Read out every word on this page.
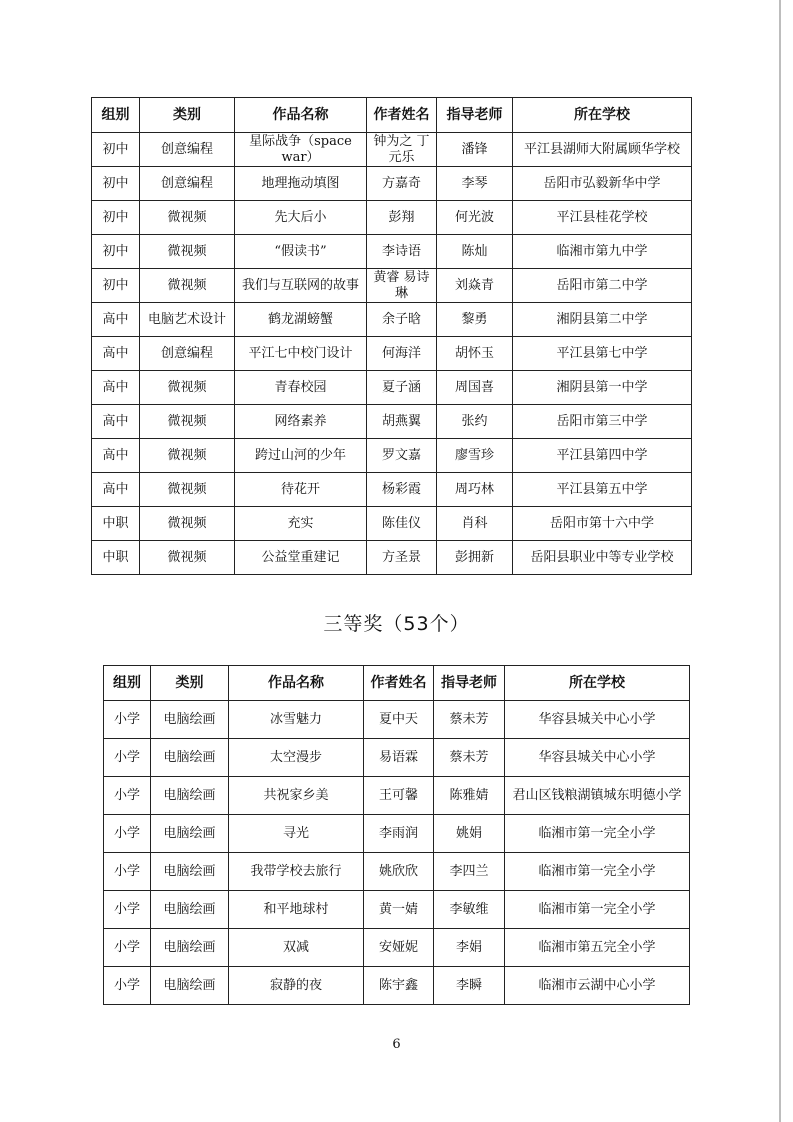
组别	类别	作品名称	作者姓名	指导老师	所在学校
初中	创意编程	星际战争（space war）	钟为之 丁元乐	潘锋	平江县湖师大附属顾华学校
初中	创意编程	地理拖动填图	方嘉奇	李琴	岳阳市弘毅新华中学
初中	微视频	先大后小	彭翔	何光波	平江县桂花学校
初中	微视频	“假读书”	李诗语	陈灿	临湘市第九中学
初中	微视频	我们与互联网的故事	黄睿 易诗琳	刘焱青	岳阳市第二中学
高中	电脑艺术设计	鹤龙湖螃蟹	余子晗	黎勇	湘阴县第二中学
高中	创意编程	平江七中校门设计	何海洋	胡怀玉	平江县第七中学
高中	微视频	青春校园	夏子涵	周国喜	湘阴县第一中学
高中	微视频	网络素养	胡燕翼	张约	岳阳市第三中学
高中	微视频	跨过山河的少年	罗文嘉	廖雪珍	平江县第四中学
高中	微视频	待花开	杨彩霞	周巧林	平江县第五中学
中职	微视频	充实	陈佳仪	肖科	岳阳市第十六中学
中职	微视频	公益堂重建记	方圣景	彭拥新	岳阳县职业中等专业学校
三等奖（53个）
组别	类别	作品名称	作者姓名	指导老师	所在学校
小学	电脑绘画	冰雪魅力	夏中天	蔡未芳	华容县城关中心小学
小学	电脑绘画	太空漫步	易语霖	蔡未芳	华容县城关中心小学
小学	电脑绘画	共祝家乡美	王可馨	陈雅婧	君山区钱粮湖镇城东明德小学
小学	电脑绘画	寻光	李雨润	姚娟	临湘市第一完全小学
小学	电脑绘画	我带学校去旅行	姚欣欣	李四兰	临湘市第一完全小学
小学	电脑绘画	和平地球村	黄一婧	李敏维	临湘市第一完全小学
小学	电脑绘画	双减	安娅妮	李娟	临湘市第五完全小学
小学	电脑绘画	寂静的夜	陈宇鑫	李瞬	临湘市云湖中心小学
6
